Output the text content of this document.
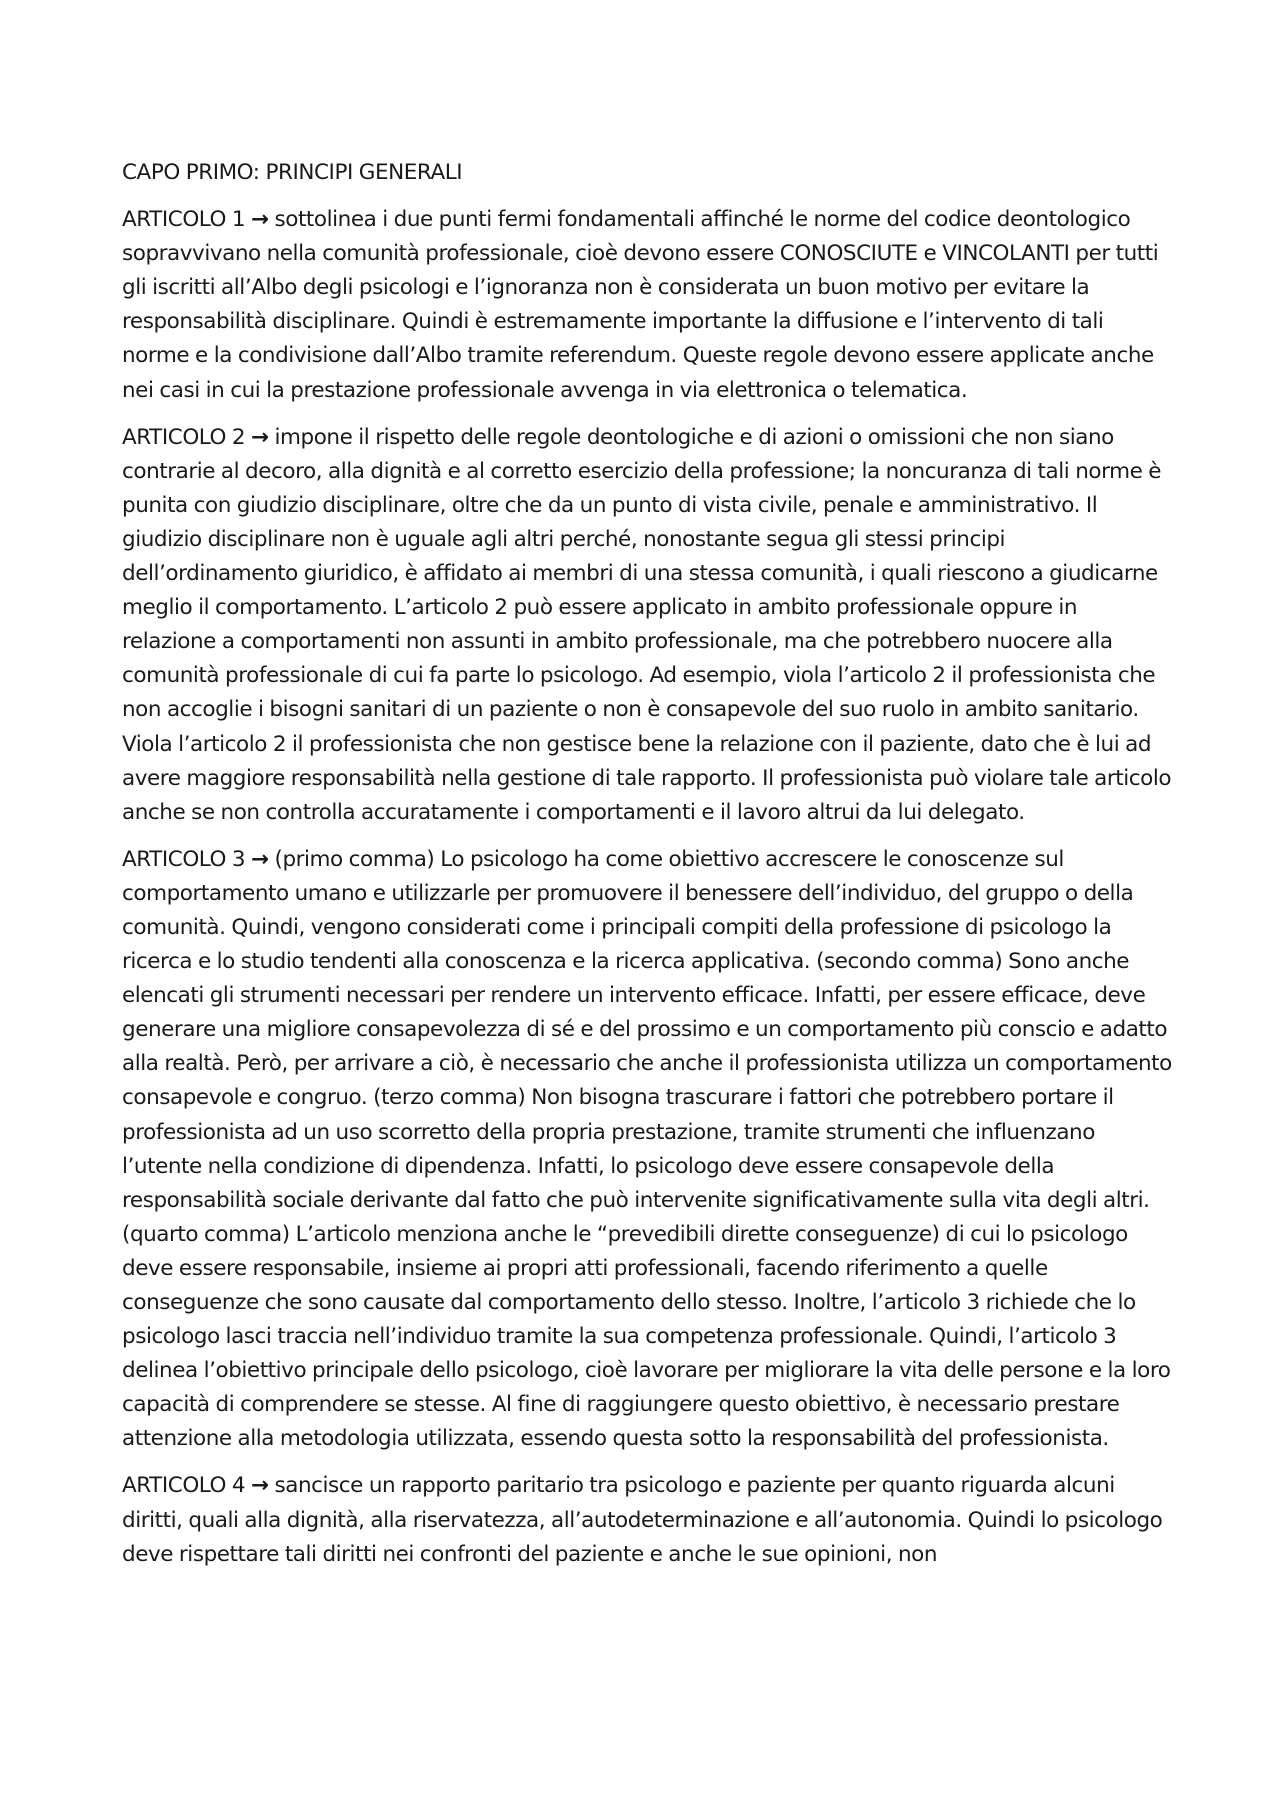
CAPO PRIMO: PRINCIPI GENERALI

ARTICOLO 1 → sottolinea i due punti fermi fondamentali affinché le norme del codice deontologico sopravvivano nella comunità professionale, cioè devono essere CONOSCIUTE e VINCOLANTI per tutti gli iscritti all’Albo degli psicologi e l’ignoranza non è considerata un buon motivo per evitare la responsabilità disciplinare. Quindi è estremamente importante la diffusione e l’intervento di tali norme e la condivisione dall’Albo tramite referendum. Queste regole devono essere applicate anche nei casi in cui la prestazione professionale avvenga in via elettronica o telematica.

ARTICOLO 2 → impone il rispetto delle regole deontologiche e di azioni o omissioni che non siano contrarie al decoro, alla dignità e al corretto esercizio della professione; la noncuranza di tali norme è punita con giudizio disciplinare, oltre che da un punto di vista civile, penale e amministrativo. Il giudizio disciplinare non è uguale agli altri perché, nonostante segua gli stessi principi dell’ordinamento giuridico, è affidato ai membri di una stessa comunità, i quali riescono a giudicarne meglio il comportamento. L’articolo 2 può essere applicato in ambito professionale oppure in relazione a comportamenti non assunti in ambito professionale, ma che potrebbero nuocere alla comunità professionale di cui fa parte lo psicologo. Ad esempio, viola l’articolo 2 il professionista che non accoglie i bisogni sanitari di un paziente o non è consapevole del suo ruolo in ambito sanitario. Viola l’articolo 2 il professionista che non gestisce bene la relazione con il paziente, dato che è lui ad avere maggiore responsabilità nella gestione di tale rapporto. Il professionista può violare tale articolo anche se non controlla accuratamente i comportamenti e il lavoro altrui da lui delegato.

ARTICOLO 3 → (primo comma) Lo psicologo ha come obiettivo accrescere le conoscenze sul comportamento umano e utilizzarle per promuovere il benessere dell’individuo, del gruppo o della comunità. Quindi, vengono considerati come i principali compiti della professione di psicologo la ricerca e lo studio tendenti alla conoscenza e la ricerca applicativa. (secondo comma) Sono anche elencati gli strumenti necessari per rendere un intervento efficace. Infatti, per essere efficace, deve generare una migliore consapevolezza di sé e del prossimo e un comportamento più conscio e adatto alla realtà. Però, per arrivare a ciò, è necessario che anche il professionista utilizza un comportamento consapevole e congruo. (terzo comma) Non bisogna trascurare i fattori che potrebbero portare il professionista ad un uso scorretto della propria prestazione, tramite strumenti che influenzano l’utente nella condizione di dipendenza. Infatti, lo psicologo deve essere consapevole della responsabilità sociale derivante dal fatto che può intervenite significativamente sulla vita degli altri. (quarto comma) L’articolo menziona anche le “prevedibili dirette conseguenze) di cui lo psicologo deve essere responsabile, insieme ai propri atti professionali, facendo riferimento a quelle conseguenze che sono causate dal comportamento dello stesso. Inoltre, l’articolo 3 richiede che lo psicologo lasci traccia nell’individuo tramite la sua competenza professionale. Quindi, l’articolo 3 delinea l’obiettivo principale dello psicologo, cioè lavorare per migliorare la vita delle persone e la loro capacità di comprendere se stesse. Al fine di raggiungere questo obiettivo, è necessario prestare attenzione alla metodologia utilizzata, essendo questa sotto la responsabilità del professionista.

ARTICOLO 4 → sancisce un rapporto paritario tra psicologo e paziente per quanto riguarda alcuni diritti, quali alla dignità, alla riservatezza, all’autodeterminazione e all’autonomia. Quindi lo psicologo deve rispettare tali diritti nei confronti del paziente e anche le sue opinioni, non
